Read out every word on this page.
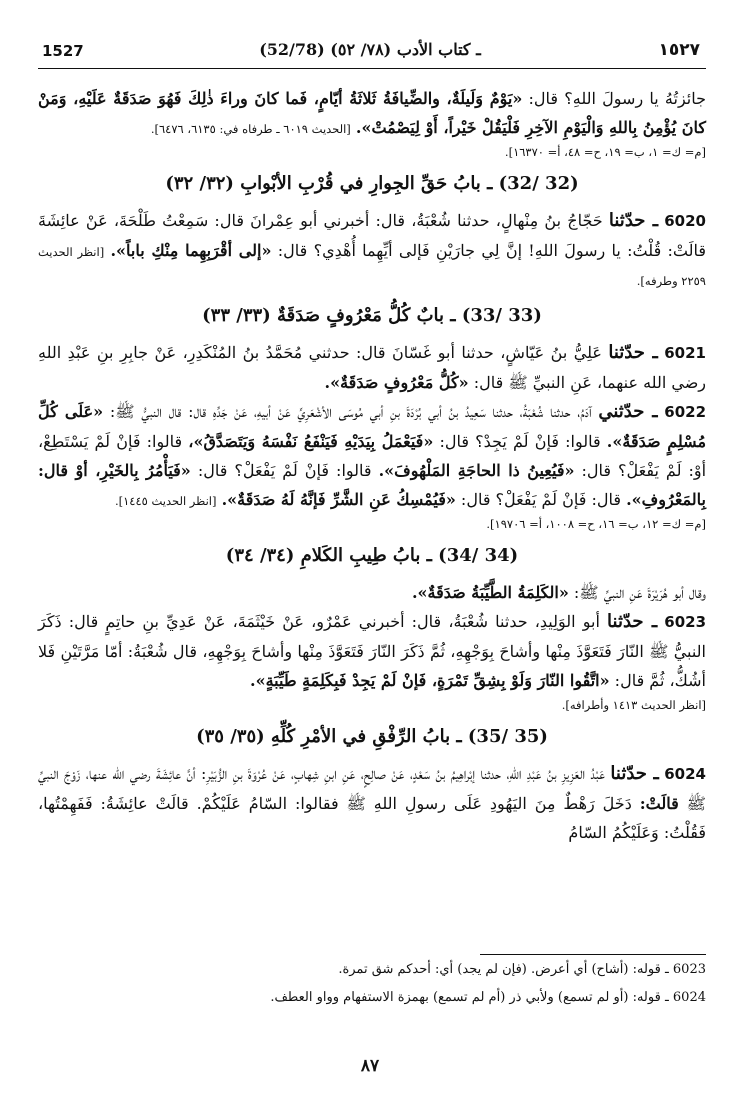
1527	(52/78) ـ كتاب الأدب (٧٨/ ٥٢)	١٥٢٧

جائزتُهُ يا رسولَ اللهِ؟ قال: «يَوْمٌ وَلَيلَةٌ، والضِّيافَةُ ثَلاثَةُ أيّامٍ، فَما كانَ وراءَ ذٰلِكَ فَهُوَ صَدَقَةٌ عَلَيْهِ، وَمَنْ كانَ يُؤْمِنُ بِاللهِ وَالْيَوْمِ الآخِرِ فَلْيَقُلْ خَيْراً، أَوْ لِيَصْمُتْ». [الحديث ٦٠١٩ ـ طرفاه في: ٦١٣٥، ٦٤٧٦].

[م= ك= ١، ب= ١٩، ح= ٤٨، أ= ١٦٣٧٠].

(32 /32) ـ بابُ حَقِّ الجِوارِ في قُرْبِ الأبْوابِ (٣٢/ ٣٢)

6020 ـ حدّثنا حَجّاجُ بنُ مِنْهالٍ، حدثنا شُعْبَةُ، قال: أخبرني أبو عِمْرانَ قال: سَمِعْتُ طَلْحَةَ، عَنْ عائِشَةَ قالَتْ: قُلْتُ: يا رسولَ اللهِ! إنَّ لِي جارَيْنِ فَإلى أيِّهِما أُهْدِي؟ قال: «إلى أقْرَبِهِما مِنْكِ باباً». [انظر الحديث ٢٢٥٩ وطرفه].

(33 /33) ـ بابٌ كُلُّ مَعْرُوفٍ صَدَقَةٌ (٣٣/ ٣٣)

6021 ـ حدّثنا عَلِيُّ بنُ عَيّاشٍ، حدثنا أبو غَسّانَ قال: حدثني مُحَمَّدُ بنُ المُنْكَدِرِ، عَنْ جابِرِ بنِ عَبْدِ اللهِ رضي الله عنهما، عَنِ النبيِّ ﷺ قال: «كُلُّ مَعْرُوفٍ صَدَقَةٌ».

6022 ـ حدّثني آدَمُ، حدثنا شُعْبَةُ، حدثنا سَعِيدُ بنُ أبي بُرْدَةَ بنِ أبي مُوسَى الأشْعَرِيِّ عَنْ أبيهِ، عَنْ جَدِّهِ قال: قال النبيُّ ﷺ: «عَلَى كُلِّ مُسْلِمٍ صَدَقَةٌ». قالوا: فَإنْ لَمْ يَجِدْ؟ قال: «فَيَعْمَلُ بِيَدَيْهِ فَيَنْفَعُ نَفْسَهُ وَيَتَصَدَّقُ»، قالوا: فَإنْ لَمْ يَسْتَطِعْ، أوْ: لَمْ يَفْعَلْ؟ قال: «فَيُعِينُ ذا الحاجَةِ المَلْهُوفَ». قالوا: فَإنْ لَمْ يَفْعَلْ؟ قال: «فَيَأْمُرُ بِالخَيْرِ، أوْ قال: بِالمَعْرُوفِ». قال: فَإنْ لَمْ يَفْعَلْ؟ قال: «فَيُمْسِكُ عَنِ الشَّرِّ فَإنَّهُ لَهُ صَدَقَةٌ». [انظر الحديث ١٤٤٥].

[م= ك= ١٢، ب= ١٦، ح= ١٠٠٨، أ= ١٩٧٠٦].

(34 /34) ـ بابُ طِيبِ الكَلامِ (٣٤/ ٣٤)

وقال أبو هُرَيْرَةَ عَنِ النبيِّ ﷺ: «الكَلِمَةُ الطَّيِّبَةُ صَدَقَةٌ».

6023 ـ حدّثنا أبو الوَلِيدِ، حدثنا شُعْبَةُ، قال: أخبرني عَمْرٌو، عَنْ خَيْثَمَةَ، عَنْ عَدِيِّ بنِ حاتِمٍ قال: ذَكَرَ النبيُّ ﷺ النّارَ فَتَعَوَّذَ مِنْها وأشاحَ بِوَجْهِهِ، ثُمَّ ذَكَرَ النّارَ فَتَعَوَّذَ مِنْها وأشاحَ بِوَجْهِهِ، قال شُعْبَةُ: أمّا مَرَّتَيْنِ فَلا أشُكُّ، ثُمَّ قال: «اتَّقُوا النّارَ وَلَوْ بِشِقِّ تَمْرَةٍ، فَإنْ لَمْ يَجِدْ فَبِكَلِمَةٍ طَيِّبَةٍ».

[انظر الحديث ١٤١٣ وأطرافه].

(35 /35) ـ بابُ الرِّفْقِ في الأمْرِ كُلِّهِ (٣٥/ ٣٥)

6024 ـ حدّثنا عَبْدُ العَزِيزِ بنُ عَبْدِ اللهِ، حدثنا إبْراهِيمُ بنُ سَعْدٍ، عَنْ صالِحٍ، عَنِ ابنِ شِهابٍ، عَنْ عُرْوَةَ بنِ الزُّبَيْرِ: أنَّ عائِشَةَ رضي الله عنها، زَوْجَ النبيِّ ﷺ قالَتْ: دَخَلَ رَهْطٌ مِنَ اليَهُودِ عَلَى رسولِ اللهِ ﷺ فقالوا: السّامُ عَلَيْكُمْ. قالَتْ عائِشَةُ: فَفَهِمْتُها، فَقُلْتُ: وَعَلَيْكُمُ السّامُ

6023 ـ قوله: (أشاح) أي أعرض. (فإن لم يجد) أي: أحدكم شق تمرة.
6024 ـ قوله: (أو لم تسمع) ولأبي ذر (أم لم تسمع) بهمزة الاستفهام وواو العطف.
٨٧
